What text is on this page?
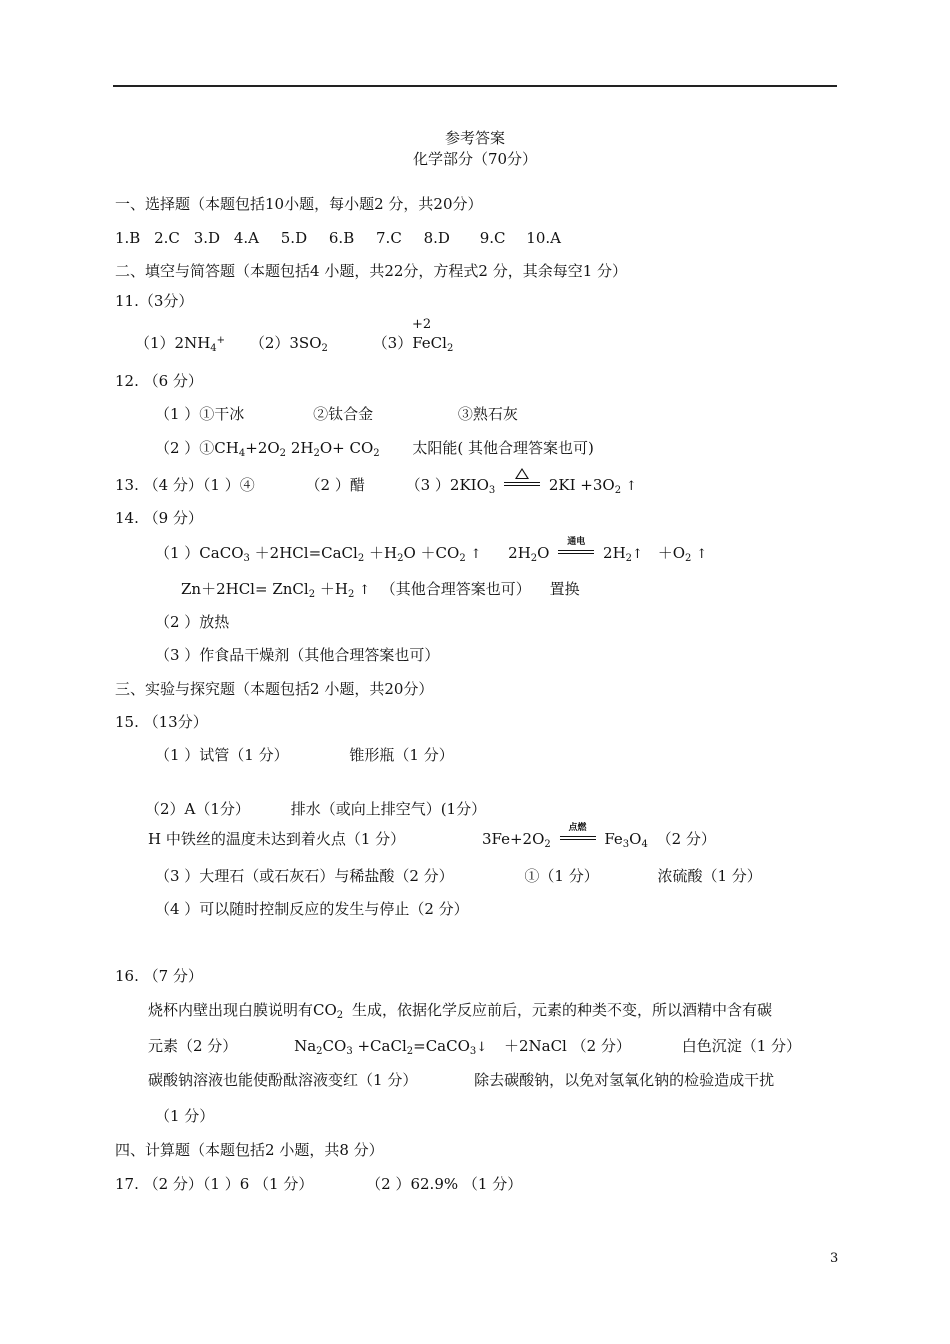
参考答案
化学部分（70分）
一、选择题（本题包括10小题，每小题2 分，共20分）
1.B 2.C 3.D 4.A 5.D 6.B 7.C 8.D 9.C 10.A
二、填空与简答题（本题包括4 小题，共22分，方程式2 分，其余每空1 分）
11.（3分）
+2
$(1)2NH_4^+$ $(2)3SO_2$	（3）FeCl$_2$
12. （6 分）
（1 ）①干冰	②钛合金	③熟石灰
（2 ）$①CH_4+2O_2$ $2H_2O+ CO_2$ 太阳能( 其他合理答案也可)
13. （4 分）（1 ）④	（2 ）醋	（3 ）$2KIO_3$	$2KI +3O_2$ ↑
14. （9 分）
（1 ）CaCO$_3$ ＋2HCl=CaCl$_2$ $+H_2O +CO_2$ ↑ $2H_2O$
通电
$2H_2↑ +O_2$ ↑
Zn＋2HCl= ZnCl$_2$ $+H_2$ ↑ （其他合理答案也可） 置换
（2 ）放热
（3 ）作食品干燥剂（其他合理答案也可）
三、实验与探究题（本题包括2 小题，共20分）
15. （13分）
（1 ）试管（1 分）	锥形瓶（1 分）
（2）A（1分）	排水（或向上排空气）(1分）
H 中铁丝的温度未达到着火点（1 分）	$3Fe+2O_2$
点燃
$Fe_3O_4$ （2 分）
（3 ）大理石（或石灰石）与稀盐酸（2 分）	①（1 分）	浓硫酸（1 分）
（4 ）可以随时控制反应的发生与停止（2 分）
16. （7 分）
烧杯内壁出现白膜说明有$CO_2$ 生成，依据化学反应前后，元素的种类不变，所以酒精中含有碳
元素（2 分）	$Na_2CO_3$ +CaCl$_2$=CaCO$_3$↓ ＋2NaCl （2 分）	白色沉淀（1 分）
碳酸钠溶液也能使酚酞溶液变红（1 分）	除去碳酸钠，以免对氢氧化钠的检验造成干扰
（1 分）
四、计算题（本题包括2 小题，共8 分）
17. （2 分）（1 ）6 （1 分）	（2 ）62.9% （1 分）
3
